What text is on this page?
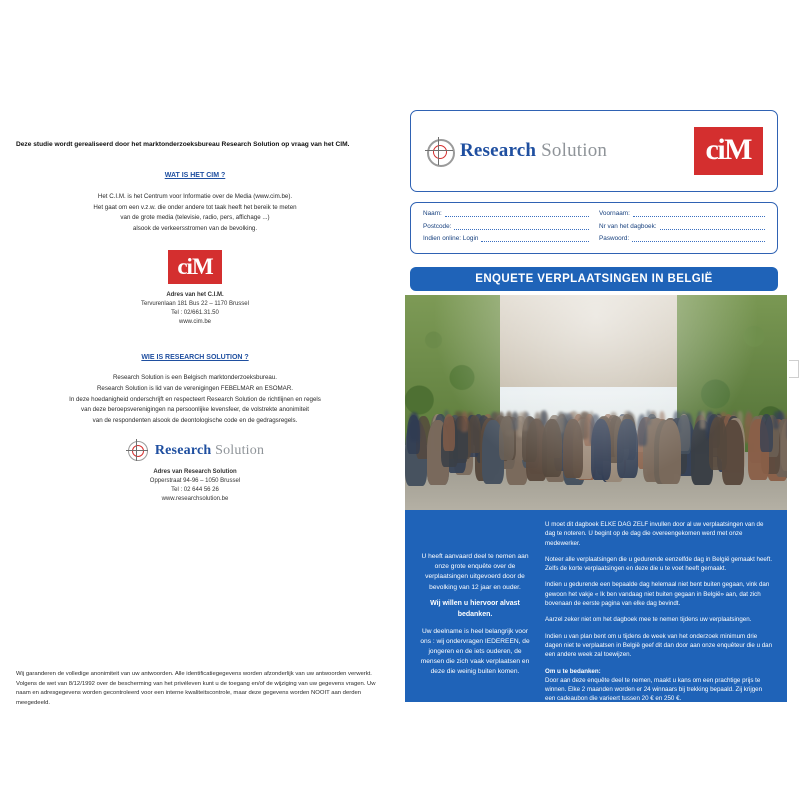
Deze studie wordt gerealiseerd door het marktonderzoeksbureau Research Solution op vraag van het CIM.
WAT IS HET CIM ?

Het C.I.M. is het Centrum voor Informatie over de Media (www.cim.be).

Het gaat om een v.z.w. die onder andere tot taak heeft het bereik te meten

van de grote media (televisie, radio, pers, affichage ...)

alsook de verkeersstromen van de bevolking.

ciM
Adres van het C.I.M.
Tervurenlaan 181 Bus 22 – 1170 Brussel
Tel : 02/661.31.50
www.cim.be
WIE IS RESEARCH SOLUTION ?

Research Solution is een Belgisch marktonderzoeksbureau.

Research Solution is lid van de verenigingen FEBELMAR en ESOMAR.

In deze hoedanigheid onderschrijft en respecteert Research Solution de richtlijnen en regels

van deze beroepsverenigingen na persoonlijke levensfeer, de volstrekte anonimiteit

van de respondenten alsook de deontologische code en de gedragsregels.

Research Solution
Adres van Research Solution
Opperstraat 94-96 – 1050 Brussel
Tel : 02 644 56 26
www.researchsolution.be
Wij garanderen de volledige anonimiteit van uw antwoorden. Alle identificatiegegevens worden afzonderlijk van uw antwoorden verwerkt. Volgens de wet van 8/12/1992 over de bescherming van het privéleven kunt u de toegang en/of de wijziging van uw gegevens vragen. Uw naam en adresgegevens worden gecontroleerd voor een interne kwaliteitscontrole, maar deze gegevens worden NOOIT aan derden meegedeeld.
Research Solution	ciM
Naam:	Voornaam:
Postcode:	Nr van het dagboek:
Indien online: Login	Paswoord:
ENQUETE VERPLAATSINGEN IN BELGIË

U heeft aanvaard deel te nemen aan onze grote enquête over de verplaatsingen uitgevoerd door de bevolking van 12 jaar en ouder.

Wij willen u hiervoor alvast bedanken.

Uw deelname is heel belangrijk voor ons : wij ondervragen IEDEREEN, de jongeren en de iets ouderen, de mensen die zich vaak verplaatsen en deze die weinig buiten komen.

U moet dit dagboek ELKE DAG ZELF invullen door al uw verplaatsingen van de dag te noteren. U begint op de dag die overeengekomen werd met onze medewerker.

Noteer alle verplaatsingen die u gedurende eenzelfde dag in België gemaakt heeft. Zelfs de korte verplaatsingen en deze die u te voet heeft gemaakt.

Indien u gedurende een bepaalde dag helemaal niet bent buiten gegaan, vink dan gewoon het vakje « Ik ben vandaag niet buiten gegaan in België» aan, dat zich bovenaan de eerste pagina van elke dag bevindt.

Aarzel zeker niet om het dagboek mee te nemen tijdens uw verplaatsingen.

Indien u van plan bent om u tijdens de week van het onderzoek minimum drie dagen niet te verplaatsen in België geef dit dan door aan onze enquêteur die u dan een andere week zal toewijzen.

Om u te bedanken:
Door aan deze enquête deel te nemen, maakt u kans om een prachtige prijs te winnen. Elke 2 maanden worden er 24 winnaars bij trekking bepaald. Zij krijgen een cadeaubon die varieert tussen 20 € en 250 €.
